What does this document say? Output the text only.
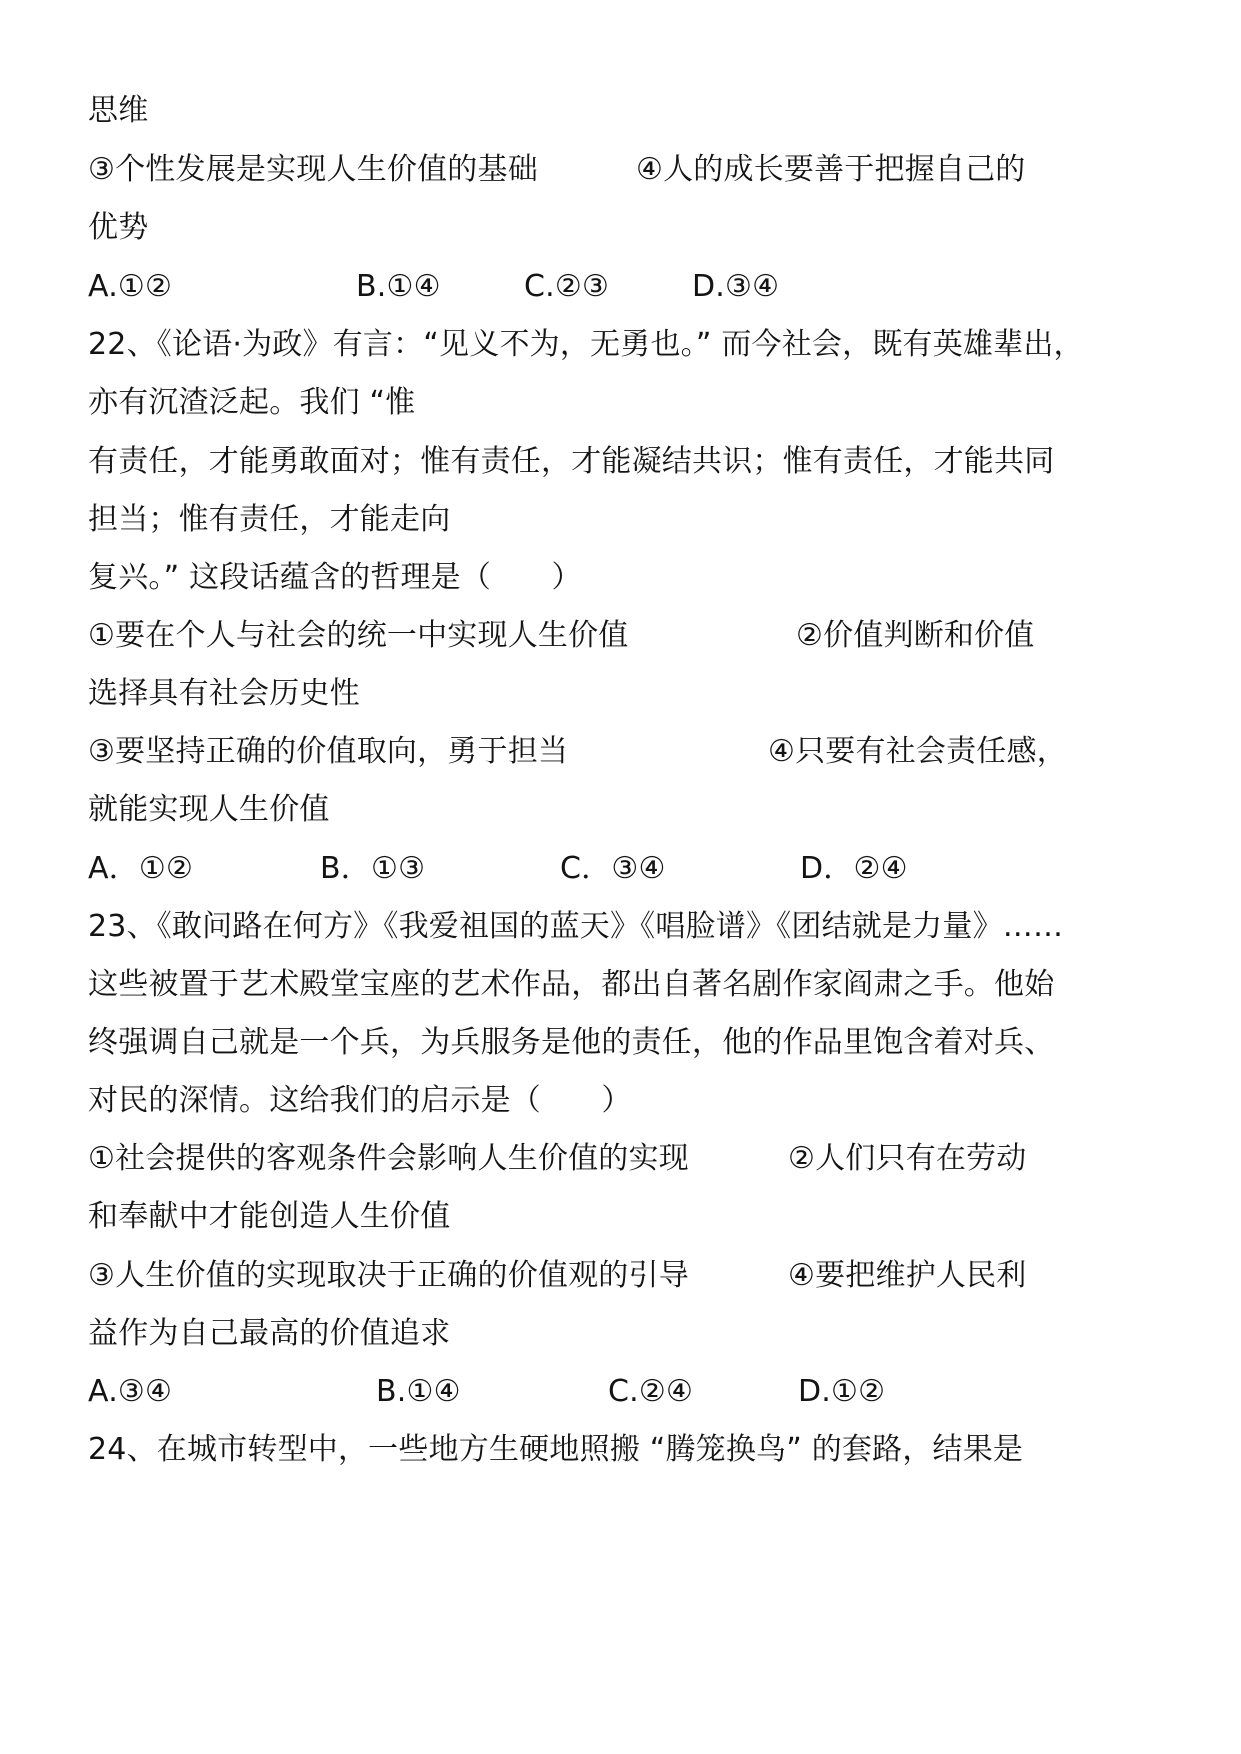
思维
③个性发展是实现人生价值的基础	④人的成长要善于把握自己的
优势
A.①②	B.①④	C.②③	D.③④
22、《论语·为政》有言：“见义不为，无勇也。” 而今社会，既有英雄辈出，
亦有沉渣泛起。我们 “惟
有责任，才能勇敢面对；惟有责任，才能凝结共识；惟有责任，才能共同
担当；惟有责任，才能走向
复兴。” 这段话蕴含的哲理是（　　）
①要在个人与社会的统一中实现人生价值	②价值判断和价值
选择具有社会历史性
③要坚持正确的价值取向，勇于担当	④只要有社会责任感，
就能实现人生价值
A．①②	B．①③	C．③④	D．②④
23、《敢问路在何方》《我爱祖国的蓝天》《唱脸谱》《团结就是力量》……
这些被置于艺术殿堂宝座的艺术作品，都出自著名剧作家阎肃之手。他始
终强调自己就是一个兵，为兵服务是他的责任，他的作品里饱含着对兵、
对民的深情。这给我们的启示是（　　）
①社会提供的客观条件会影响人生价值的实现	②人们只有在劳动
和奉献中才能创造人生价值
③人生价值的实现取决于正确的价值观的引导	④要把维护人民利
益作为自己最高的价值追求
A.③④	B.①④	C.②④	D.①②
24、在城市转型中，一些地方生硬地照搬 “腾笼换鸟” 的套路，结果是
